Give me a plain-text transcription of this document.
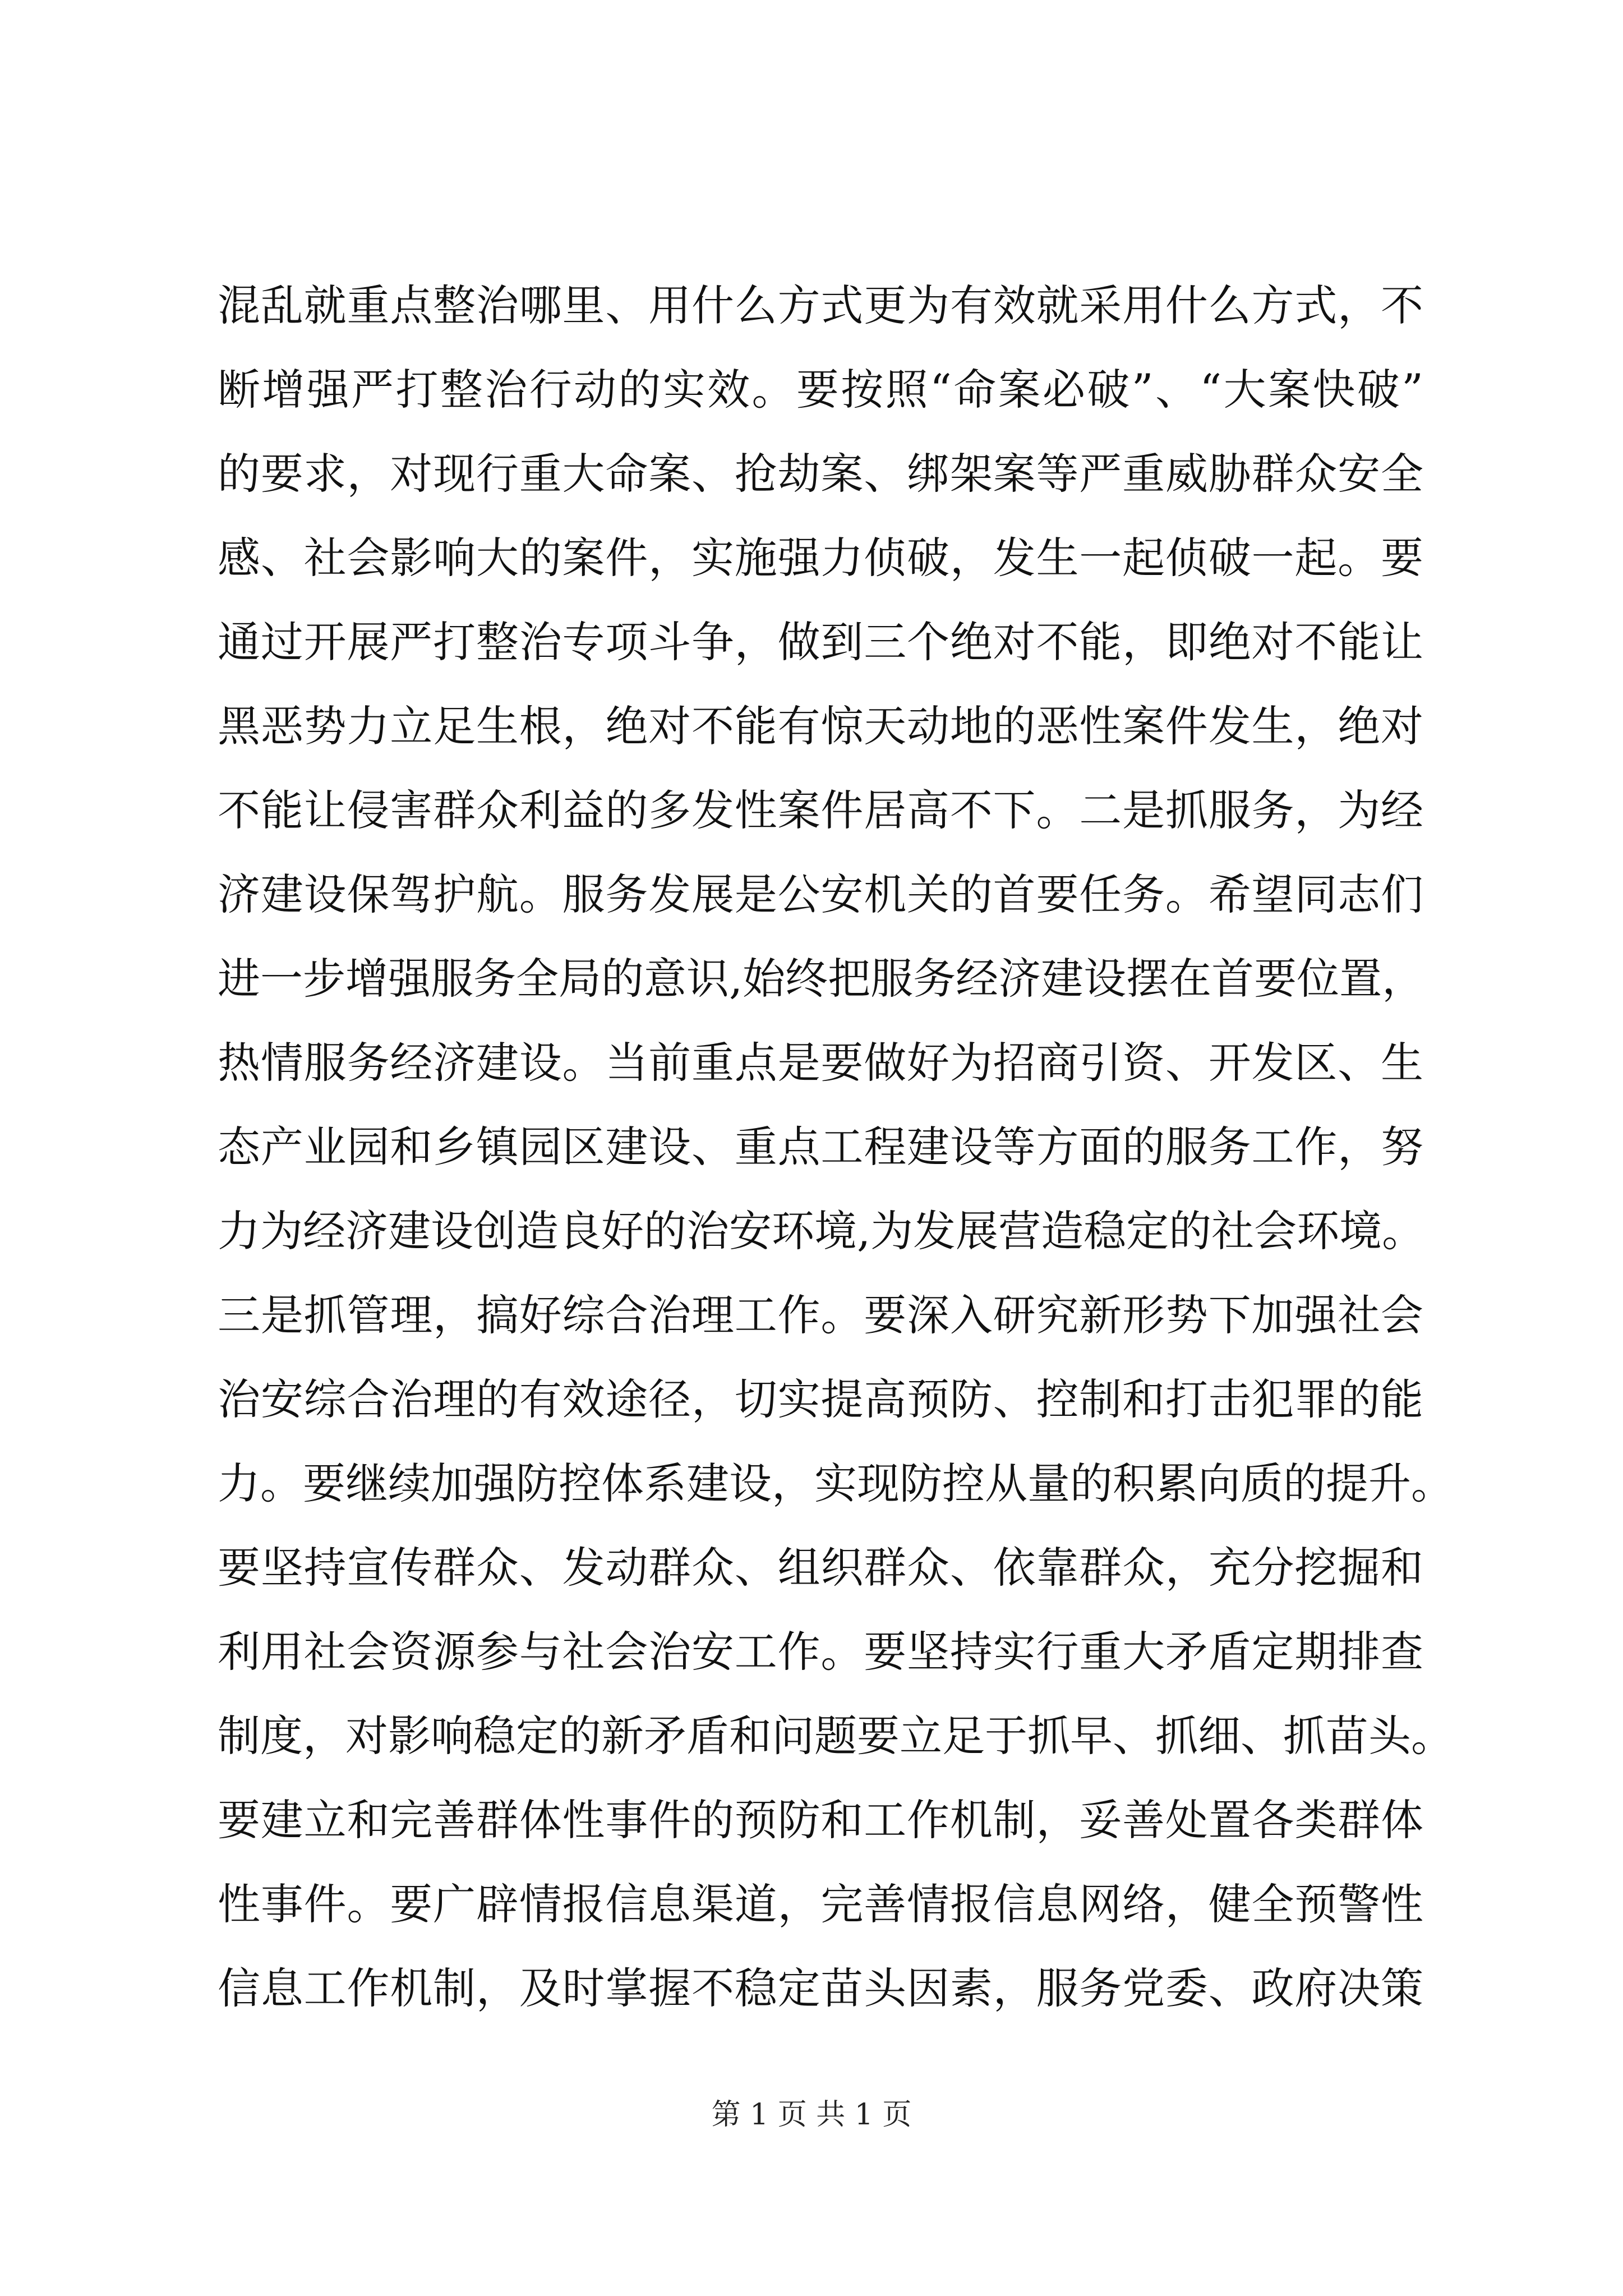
混乱就重点整治哪里、用什么方式更为有效就采用什么方式，不
断增强严打整治行动的实效。要按照“命案必破”、“大案快破”
的要求，对现行重大命案、抢劫案、绑架案等严重威胁群众安全
感、社会影响大的案件，实施强力侦破，发生一起侦破一起。要
通过开展严打整治专项斗争，做到三个绝对不能，即绝对不能让
黑恶势力立足生根，绝对不能有惊天动地的恶性案件发生，绝对
不能让侵害群众利益的多发性案件居高不下。二是抓服务，为经
济建设保驾护航。服务发展是公安机关的首要任务。希望同志们
进一步增强服务全局的意识,始终把服务经济建设摆在首要位置，
热情服务经济建设。当前重点是要做好为招商引资、开发区、生
态产业园和乡镇园区建设、重点工程建设等方面的服务工作，努
力为经济建设创造良好的治安环境,为发展营造稳定的社会环境。
三是抓管理，搞好综合治理工作。要深入研究新形势下加强社会
治安综合治理的有效途径，切实提高预防、控制和打击犯罪的能
力。要继续加强防控体系建设，实现防控从量的积累向质的提升。
要坚持宣传群众、发动群众、组织群众、依靠群众，充分挖掘和
利用社会资源参与社会治安工作。要坚持实行重大矛盾定期排查
制度，对影响稳定的新矛盾和问题要立足于抓早、抓细、抓苗头。
要建立和完善群体性事件的预防和工作机制，妥善处置各类群体
性事件。要广辟情报信息渠道，完善情报信息网络，健全预警性
信息工作机制，及时掌握不稳定苗头因素，服务党委、政府决策
第 1 页 共 1 页
